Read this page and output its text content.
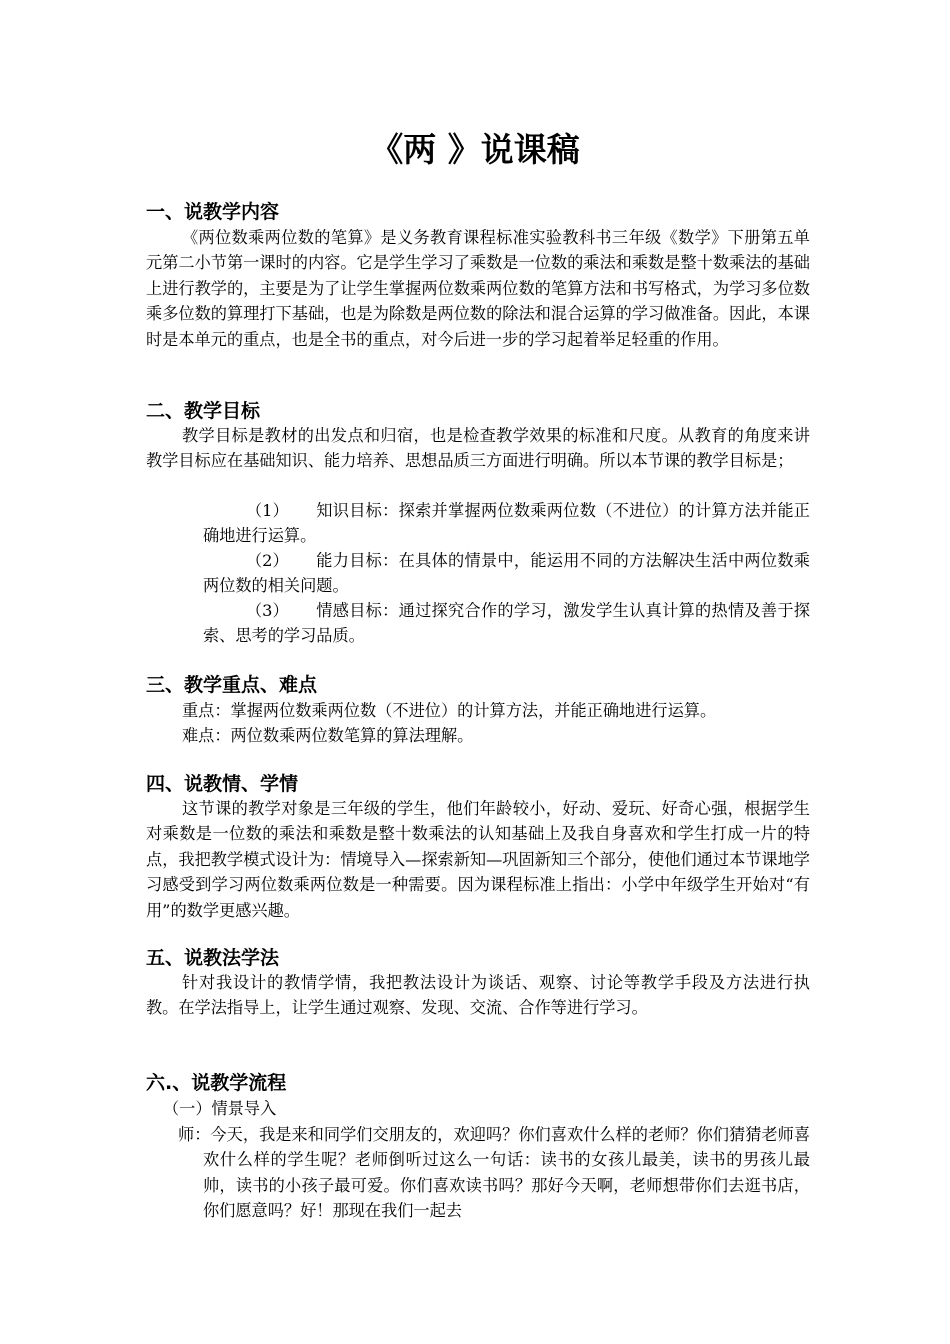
《两 》说课稿
一、说教学内容
《两位数乘两位数的笔算》是义务教育课程标准实验教科书三年级《数学》下册第五单元第二小节第一课时的内容。它是学生学习了乘数是一位数的乘法和乘数是整十数乘法的基础上进行教学的，主要是为了让学生掌握两位数乘两位数的笔算方法和书写格式，为学习多位数乘多位数的算理打下基础，也是为除数是两位数的除法和混合运算的学习做准备。因此，本课时是本单元的重点，也是全书的重点，对今后进一步的学习起着举足轻重的作用。
二、教学目标
教学目标是教材的出发点和归宿，也是检查教学效果的标准和尺度。从教育的角度来讲教学目标应在基础知识、能力培养、思想品质三方面进行明确。所以本节课的教学目标是；
（1） 知识目标：探索并掌握两位数乘两位数（不进位）的计算方法并能正确地进行运算。
（2） 能力目标：在具体的情景中，能运用不同的方法解决生活中两位数乘两位数的相关问题。
（3） 情感目标：通过探究合作的学习，激发学生认真计算的热情及善于探索、思考的学习品质。
三、教学重点、难点
重点：掌握两位数乘两位数（不进位）的计算方法，并能正确地进行运算。
难点：两位数乘两位数笔算的算法理解。
四、说教情、学情
这节课的教学对象是三年级的学生，他们年龄较小，好动、爱玩、好奇心强，根据学生对乘数是一位数的乘法和乘数是整十数乘法的认知基础上及我自身喜欢和学生打成一片的特点，我把教学模式设计为：情境导入—探索新知—巩固新知三个部分，使他们通过本节课地学习感受到学习两位数乘两位数是一种需要。因为课程标准上指出：小学中年级学生开始对“有用”的数学更感兴趣。
五、说教法学法
针对我设计的教情学情，我把教法设计为谈话、观察、讨论等教学手段及方法进行执教。在学法指导上，让学生通过观察、发现、交流、合作等进行学习。
六.、说教学流程
（一）情景导入
师：今天，我是来和同学们交朋友的，欢迎吗？你们喜欢什么样的老师？你们猜猜老师喜欢什么样的学生呢？老师倒听过这么一句话：读书的女孩儿最美，读书的男孩儿最帅，读书的小孩子最可爱。你们喜欢读书吗？那好今天啊，老师想带你们去逛书店，你们愿意吗？好！那现在我们一起去
